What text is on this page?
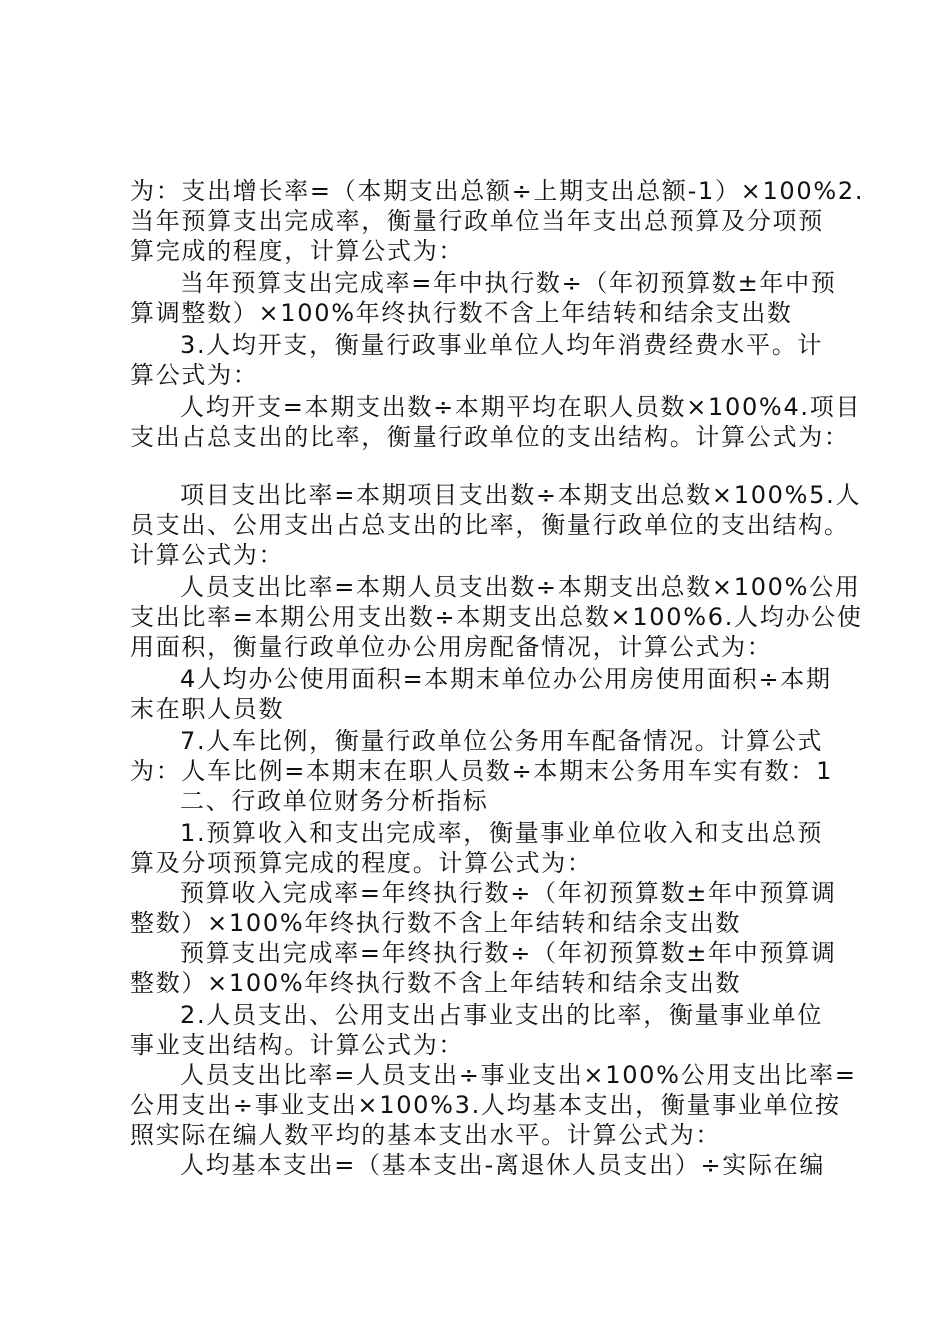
为：支出增长率=（本期支出总额÷上期支出总额-1）×100%2.
当年预算支出完成率，衡量行政单位当年支出总预算及分项预
算完成的程度，计算公式为：
当年预算支出完成率=年中执行数÷（年初预算数±年中预
算调整数）×100%年终执行数不含上年结转和结余支出数
3.人均开支，衡量行政事业单位人均年消费经费水平。计
算公式为：
人均开支=本期支出数÷本期平均在职人员数×100%4.项目
支出占总支出的比率，衡量行政单位的支出结构。计算公式为：
项目支出比率=本期项目支出数÷本期支出总数×100%5.人
员支出、公用支出占总支出的比率，衡量行政单位的支出结构。
计算公式为：
人员支出比率=本期人员支出数÷本期支出总数×100%公用
支出比率=本期公用支出数÷本期支出总数×100%6.人均办公使
用面积，衡量行政单位办公用房配备情况，计算公式为：
4人均办公使用面积=本期末单位办公用房使用面积÷本期
末在职人员数
7.人车比例，衡量行政单位公务用车配备情况。计算公式
为：人车比例=本期末在职人员数÷本期末公务用车实有数：1
二、行政单位财务分析指标
1.预算收入和支出完成率，衡量事业单位收入和支出总预
算及分项预算完成的程度。计算公式为：
预算收入完成率=年终执行数÷（年初预算数±年中预算调
整数）×100%年终执行数不含上年结转和结余支出数
预算支出完成率=年终执行数÷（年初预算数±年中预算调
整数）×100%年终执行数不含上年结转和结余支出数
2.人员支出、公用支出占事业支出的比率，衡量事业单位
事业支出结构。计算公式为：
人员支出比率=人员支出÷事业支出×100%公用支出比率=
公用支出÷事业支出×100%3.人均基本支出，衡量事业单位按
照实际在编人数平均的基本支出水平。计算公式为：
人均基本支出=（基本支出-离退休人员支出）÷实际在编
